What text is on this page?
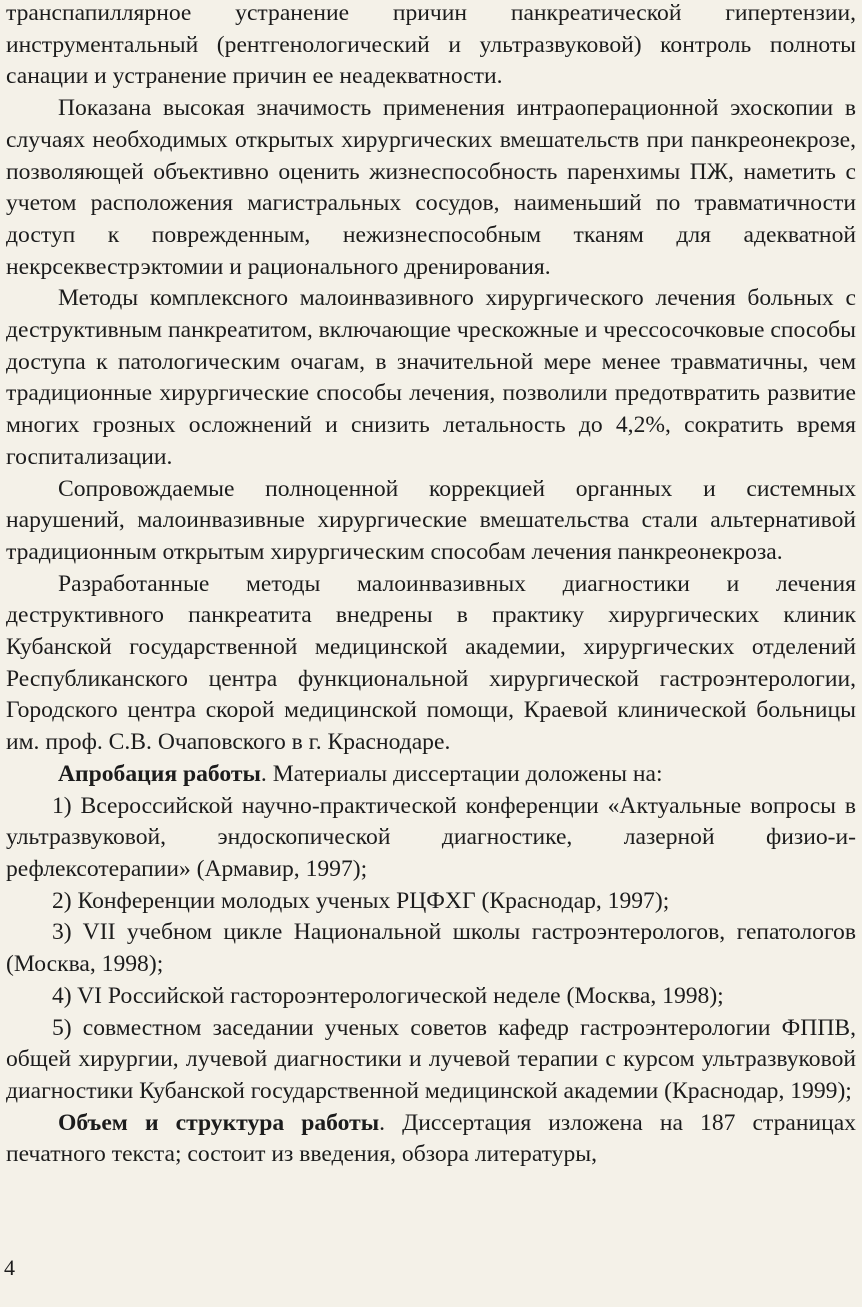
транспапиллярное устранение причин панкреатической гипертензии, инструментальный (рентгенологический и ультразвуковой) контроль полноты санации и устранение причин ее неадекватности.

Показана высокая значимость применения интраоперационной эхоскопии в случаях необходимых открытых хирургических вмешательств при панкреонекрозе, позволяющей объективно оценить жизнеспособность паренхимы ПЖ, наметить с учетом расположения магистральных сосудов, наименьший по травматичности доступ к поврежденным, нежизнеспособным тканям для адекватной некрсеквестрэктомии и рационального дренирования.

Методы комплексного малоинвазивного хирургического лечения больных с деструктивным панкреатитом, включающие чрескожные и чрессосочковые способы доступа к патологическим очагам, в значительной мере менее травматичны, чем традиционные хирургические способы лечения, позволили предотвратить развитие многих грозных осложнений и снизить летальность до 4,2%, сократить время госпитализации.

Сопровождаемые полноценной коррекцией органных и системных нарушений, малоинвазивные хирургические вмешательства стали альтернативой традиционным открытым хирургическим способам лечения панкреонекроза.

Разработанные методы малоинвазивных диагностики и лечения деструктивного панкреатита внедрены в практику хирургических клиник Кубанской государственной медицинской академии, хирургических отделений Республиканского центра функциональной хирургической гастроэнтерологии, Городского центра скорой медицинской помощи, Краевой клинической больницы им. проф. С.В. Очаповского в г. Краснодаре.

Апробация работы. Материалы диссертации доложены на:

1) Всероссийской научно-практической конференции «Актуальные вопросы в ультразвуковой, эндоскопической диагностике, лазерной физио-и-рефлексотерапии» (Армавир, 1997);

2) Конференции молодых ученых РЦФХГ (Краснодар, 1997);

3) VII учебном цикле Национальной школы гастроэнтерологов, гепатологов (Москва, 1998);

4) VI Российской гастороэнтерологической неделе (Москва, 1998);

5) совместном заседании ученых советов кафедр гастроэнтерологии ФППВ, общей хирургии, лучевой диагностики и лучевой терапии с курсом ультразвуковой диагностики Кубанской государственной медицинской академии (Краснодар, 1999);

Объем и структура работы. Диссертация изложена на 187 страницах печатного текста; состоит из введения, обзора литературы,

4
